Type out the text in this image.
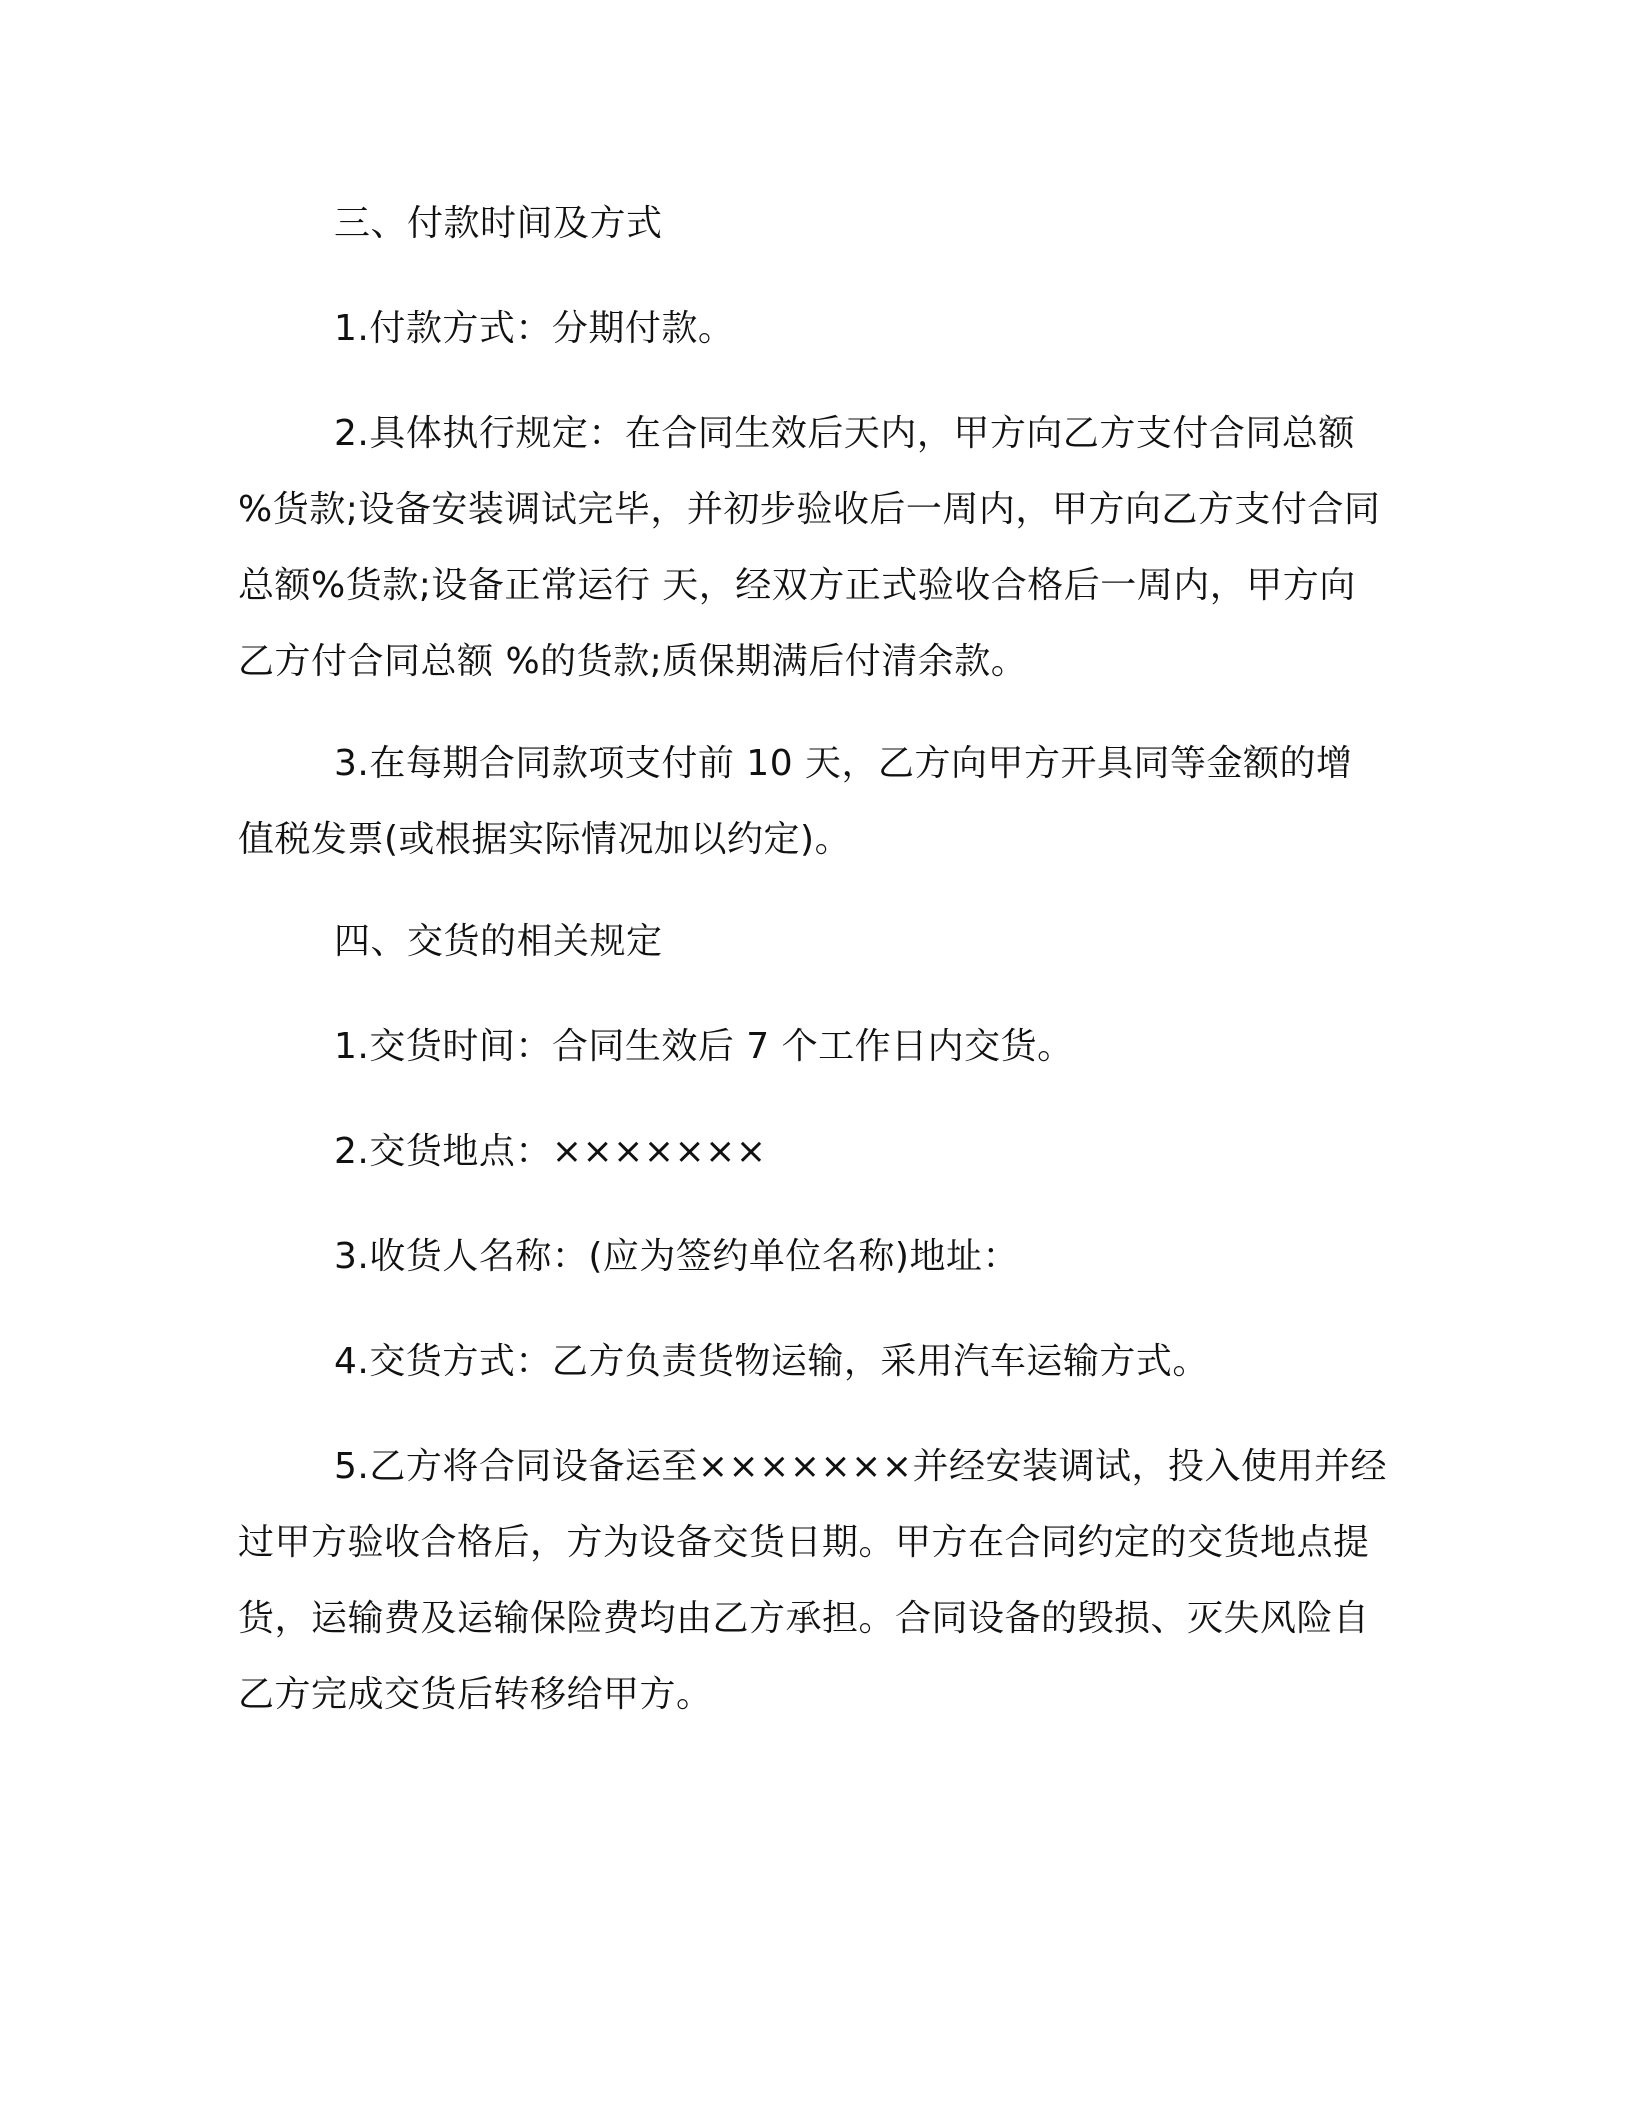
三、付款时间及方式

1.付款方式：分期付款。

2.具体执行规定：在合同生效后天内，甲方向乙方支付合同总额 %货款;设备安装调试完毕，并初步验收后一周内，甲方向乙方支付合同总额%货款;设备正常运行 天，经双方正式验收合格后一周内，甲方向乙方付合同总额 %的货款;质保期满后付清余款。

3.在每期合同款项支付前 10 天，乙方向甲方开具同等金额的增值税发票(或根据实际情况加以约定)。

四、交货的相关规定

1.交货时间：合同生效后 7 个工作日内交货。

2.交货地点：×××××××

3.收货人名称：(应为签约单位名称)地址：

4.交货方式：乙方负责货物运输，采用汽车运输方式。

5.乙方将合同设备运至×××××××并经安装调试，投入使用并经过甲方验收合格后，方为设备交货日期。甲方在合同约定的交货地点提货，运输费及运输保险费均由乙方承担。合同设备的毁损、灭失风险自乙方完成交货后转移给甲方。
